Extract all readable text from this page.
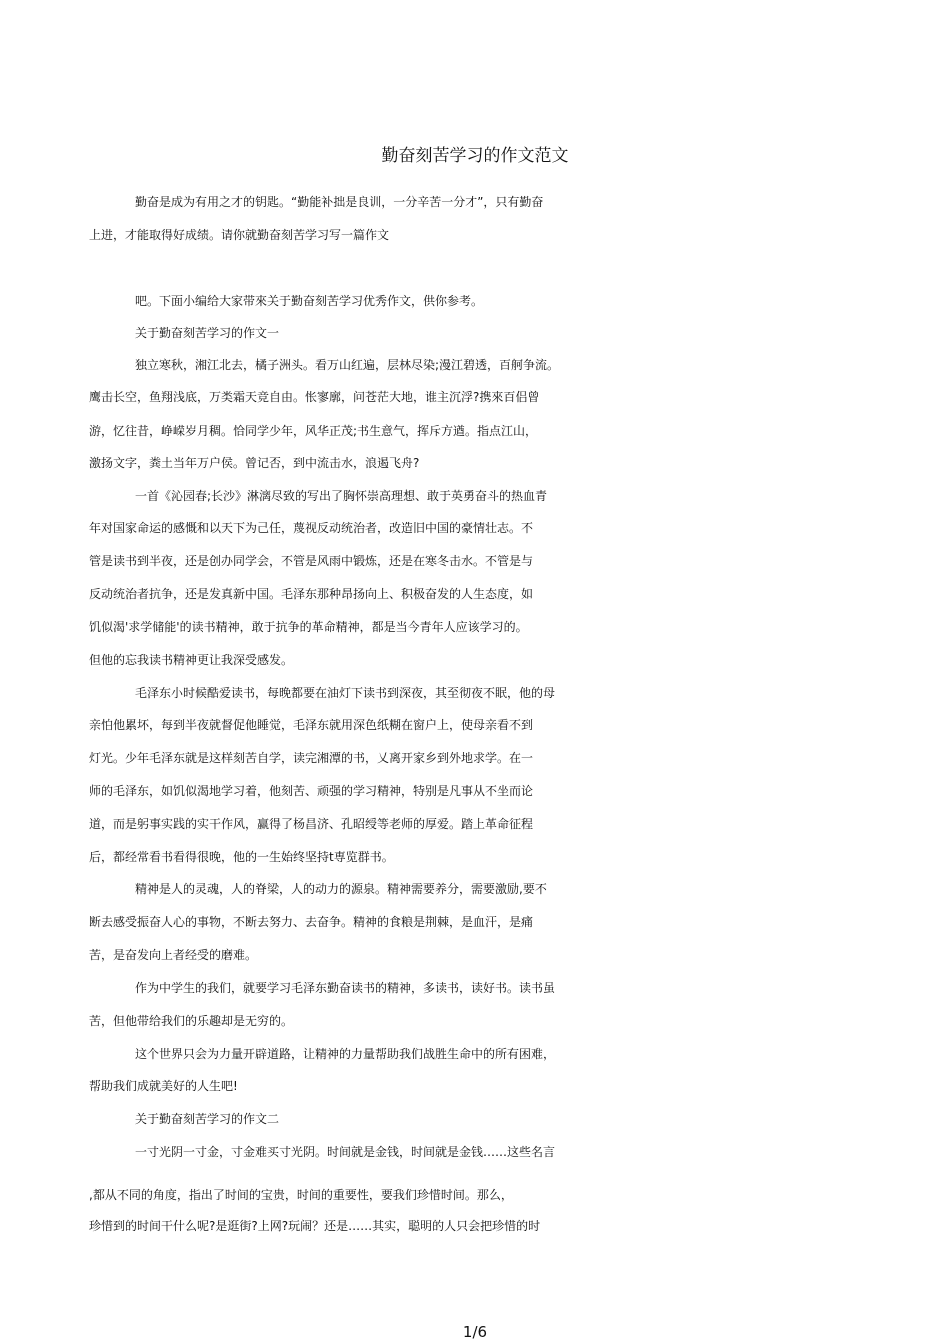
勤奋刻苦学习的作文范文
勤奋是成为有用之才的钥匙。“勤能补拙是良训，一分辛苦一分才”，只有勤奋
上进，才能取得好成绩。请你就勤奋刻苦学习写一篇作文
吧。下面小编给大家带來关于勤奋刻苦学习优秀作文，供你参考。
关于勤奋刻苦学习的作文一
独立寒秋，湘江北去，橘子洲头。看万山红遍，层林尽染;漫江碧透，百舸争流。
鹰击长空，鱼翔浅底，万类霜天竞自由。怅寥廓，问苍茫大地，谁主沉浮?携來百侣曾
游，忆往昔，峥嵘岁月稠。恰同学少年，风华正茂;书生意气，挥斥方遒。指点江山，
激扬文字，粪土当年万户侯。曾记否，到中流击水，浪遏飞舟?
一首《沁园春;长沙》淋漓尽致的写出了胸怀崇高理想、敢于英勇奋斗的热血青
年对国家命运的感慨和以天下为己任，蔑视反动统治者，改造旧中国的豪情壮志。不
管是读书到半夜，还是创办同学会，不管是风雨中锻炼，还是在寒冬击水。不管是与
反动统治者抗争，还是发真新中国。毛泽东那种昂扬向上、积极奋发的人生态度，如
饥似渴'求学储能'的读书精神，敢于抗争的革命精神，都是当今青年人应该学习的。
但他的忘我读书精神更让我深受感发。
毛泽东小时候酷爱读书，每晚都要在油灯下读书到深夜，其至彻夜不眠，他的母
亲怕他累坏，每到半夜就督促他睡觉，毛泽东就用深色纸糊在窗户上，使母亲看不到
灯光。少年毛泽东就是这样刻苦自学，读完湘潭的书，乂离开家乡到外地求学。在一
师的毛泽东，如饥似渴地学习着，他刻苦、顽强的学习精神，特别是凡事从不坐而论
道，而是躬事实践的实干作风，赢得了杨昌济、孔昭绶等老师的厚爱。踏上革命征程
后，都经常看书看得很晚，他的一生始终坚持t専览群书。
精神是人的灵魂，人的脊梁，人的动力的源泉。精神需要养分，需要激励,要不
断去感受振奋人心的事物，不断去努力、去奋争。精神的食粮是荆棘，是血汗，是痛
苦，是奋发向上者经受的磨难。
作为中学生的我们，就要学习毛泽东勤奋读书的精神，多读书，读好书。读书虽
苦，但他带给我们的乐趣却是无穷的。
这个世界只会为力量开辟道路，让精神的力量帮助我们战胜生命中的所有困难，
帮助我们成就美好的人生吧!
关于勤奋刻苦学习的作文二
一寸光阴一寸金，寸金难买寸光阴。时间就是金钱，时间就是金钱……这些名言
,都从不同的角度，指出了时间的宝贵，时间的重要性，要我们珍惜时间。那么，
珍惜到的时间干什么呢?是逛街?上网?玩闹？还是……其实，聪明的人只会把珍惜的时
1/6
